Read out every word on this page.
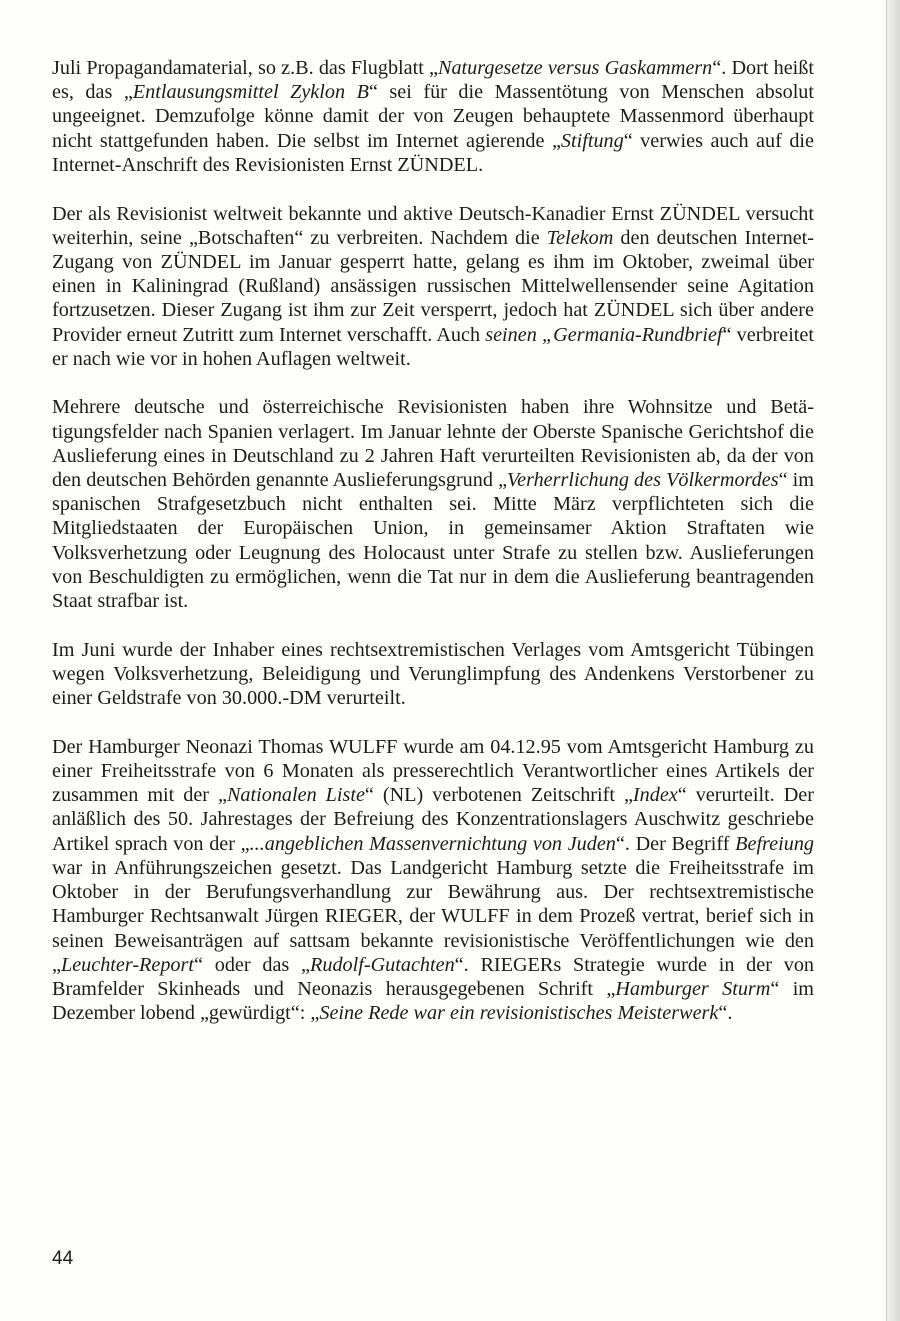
Juli Propagandamaterial, so z.B. das Flugblatt „Naturgesetze versus Gaskammern“. Dort heißt es, das „Entlausungsmittel Zyklon B“ sei für die Massentötung von Menschen absolut ungeeignet. Demzufolge könne damit der von Zeugen behauptete Massenmord überhaupt nicht stattgefunden haben. Die selbst im Internet agierende „Stiftung“ verwies auch auf die Internet-Anschrift des Revisionisten Ernst ZÜNDEL.

Der als Revisionist weltweit bekannte und aktive Deutsch-Kanadier Ernst ZÜNDEL versucht weiterhin, seine „Botschaften“ zu verbreiten. Nachdem die Telekom den deutschen Internet-Zugang von ZÜNDEL im Januar gesperrt hatte, gelang es ihm im Oktober, zweimal über einen in Kaliningrad (Rußland) ansässigen russischen Mittelwellensender seine Agitation fortzusetzen. Dieser Zugang ist ihm zur Zeit versperrt, jedoch hat ZÜNDEL sich über andere Provider erneut Zutritt zum Internet verschafft. Auch seinen „Germania-Rundbrief“ verbreitet er nach wie vor in hohen Auflagen weltweit.

Mehrere deutsche und österreichische Revisionisten haben ihre Wohnsitze und Betätigungsfelder nach Spanien verlagert. Im Januar lehnte der Oberste Spanische Gerichtshof die Auslieferung eines in Deutschland zu 2 Jahren Haft verurteilten Revisionisten ab, da der von den deutschen Behörden genannte Auslieferungsgrund „Verherrlichung des Völkermordes“ im spanischen Strafgesetzbuch nicht enthalten sei. Mitte März verpflichteten sich die Mitgliedstaaten der Europäischen Union, in gemeinsamer Aktion Straftaten wie Volksverhetzung oder Leugnung des Holocaust unter Strafe zu stellen bzw. Auslieferungen von Beschuldigten zu ermöglichen, wenn die Tat nur in dem die Auslieferung beantragenden Staat strafbar ist.

Im Juni wurde der Inhaber eines rechtsextremistischen Verlages vom Amtsgericht Tübingen wegen Volksverhetzung, Beleidigung und Verunglimpfung des Andenkens Verstorbener zu einer Geldstrafe von 30.000.-DM verurteilt.

Der Hamburger Neonazi Thomas WULFF wurde am 04.12.95 vom Amtsgericht Hamburg zu einer Freiheitsstrafe von 6 Monaten als presserechtlich Verantwortlicher eines Artikels der zusammen mit der „Nationalen Liste“ (NL) verbotenen Zeitschrift „Index“ verurteilt. Der anläßlich des 50. Jahrestages der Befreiung des Konzentrationslagers Auschwitz geschriebe Artikel sprach von der „...angeblichen Massenvernichtung von Juden“. Der Begriff Befreiung war in Anführungszeichen gesetzt. Das Landgericht Hamburg setzte die Freiheitsstrafe im Oktober in der Berufungsverhandlung zur Bewährung aus. Der rechtsextremistische Hamburger Rechtsanwalt Jürgen RIEGER, der WULFF in dem Prozeß vertrat, berief sich in seinen Beweisanträgen auf sattsam bekannte revisionistische Veröffentlichungen wie den „Leuchter-Report“ oder das „Rudolf-Gutachten“. RIEGERs Strategie wurde in der von Bramfelder Skinheads und Neonazis herausgegebenen Schrift „Hamburger Sturm“ im Dezember lobend „gewürdigt“: „Seine Rede war ein revisionistisches Meisterwerk“.

44
